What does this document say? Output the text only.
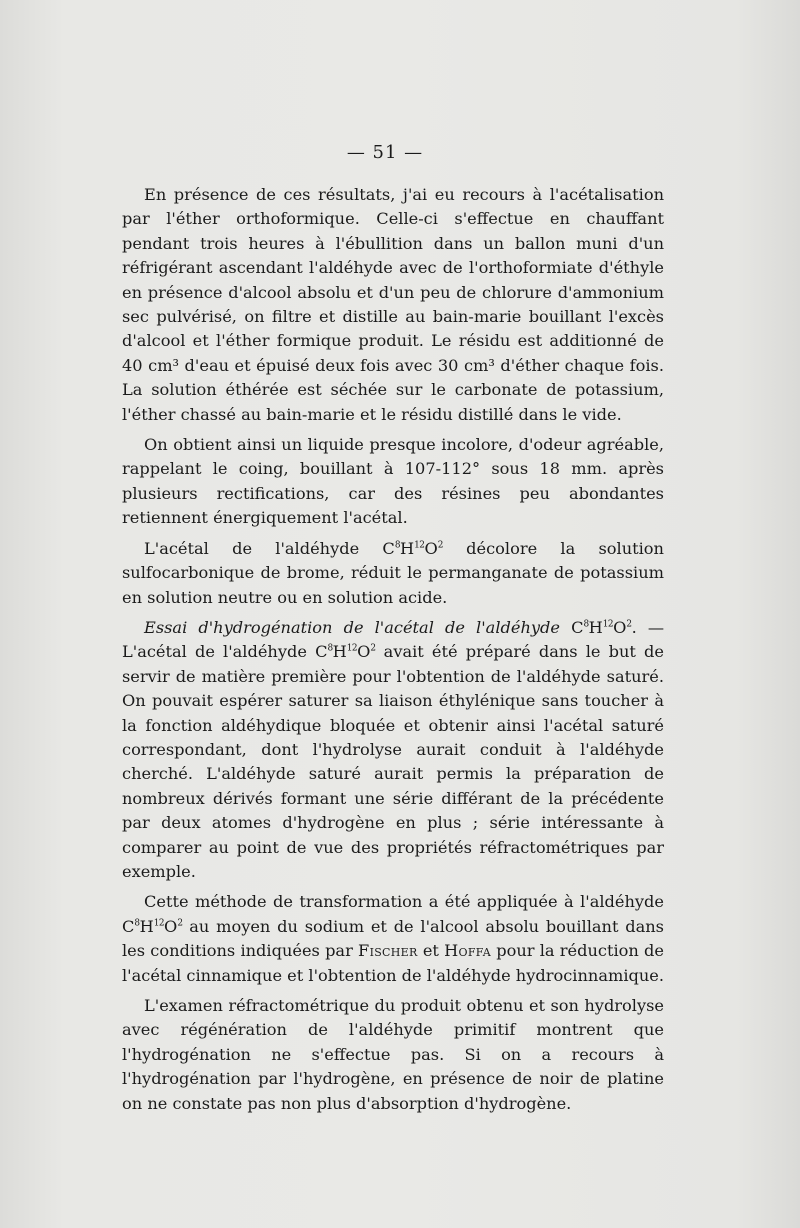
— 51 —

En présence de ces résultats, j'ai eu recours à l'acétalisation par l'éther orthoformique. Celle-ci s'effectue en chauffant pendant trois heures à l'ébullition dans un ballon muni d'un réfrigérant ascendant l'aldéhyde avec de l'orthoformiate d'éthyle en présence d'alcool absolu et d'un peu de chlorure d'ammonium sec pulvérisé, on filtre et distille au bain-marie bouillant l'excès d'alcool et l'éther formique produit. Le résidu est additionné de 40 cm³ d'eau et épuisé deux fois avec 30 cm³ d'éther chaque fois. La solution éthérée est séchée sur le carbonate de potassium, l'éther chassé au bain-marie et le résidu distillé dans le vide.

On obtient ainsi un liquide presque incolore, d'odeur agréable, rappelant le coing, bouillant à 107-112° sous 18 mm. après plusieurs rectifications, car des résines peu abondantes retiennent énergiquement l'acétal.

L'acétal de l'aldéhyde $C^8H^{12}O^2$ décolore la solution sulfocarbonique de brome, réduit le permanganate de potassium en solution neutre ou en solution acide.

Essai d'hydrogénation de l'acétal de l'aldéhyde $C^8H^{12}O^2$. — L'acétal de l'aldéhyde $C^8H^{12}O^2$ avait été préparé dans le but de servir de matière première pour l'obtention de l'aldéhyde saturé. On pouvait espérer saturer sa liaison éthylénique sans toucher à la fonction aldéhydique bloquée et obtenir ainsi l'acétal saturé correspondant, dont l'hydrolyse aurait conduit à l'aldéhyde cherché. L'aldéhyde saturé aurait permis la préparation de nombreux dérivés formant une série différant de la précédente par deux atomes d'hydrogène en plus ; série intéressante à comparer au point de vue des propriétés réfractométriques par exemple.

Cette méthode de transformation a été appliquée à l'aldéhyde $C^8H^{12}O^2$ au moyen du sodium et de l'alcool absolu bouillant dans les conditions indiquées par Fischer et Hoffa pour la réduction de l'acétal cinnamique et l'obtention de l'aldéhyde hydrocinnamique.

L'examen réfractométrique du produit obtenu et son hydrolyse avec régénération de l'aldéhyde primitif montrent que l'hydrogénation ne s'effectue pas. Si on a recours à l'hydrogénation par l'hydrogène, en présence de noir de platine on ne constate pas non plus d'absorption d'hydrogène.
